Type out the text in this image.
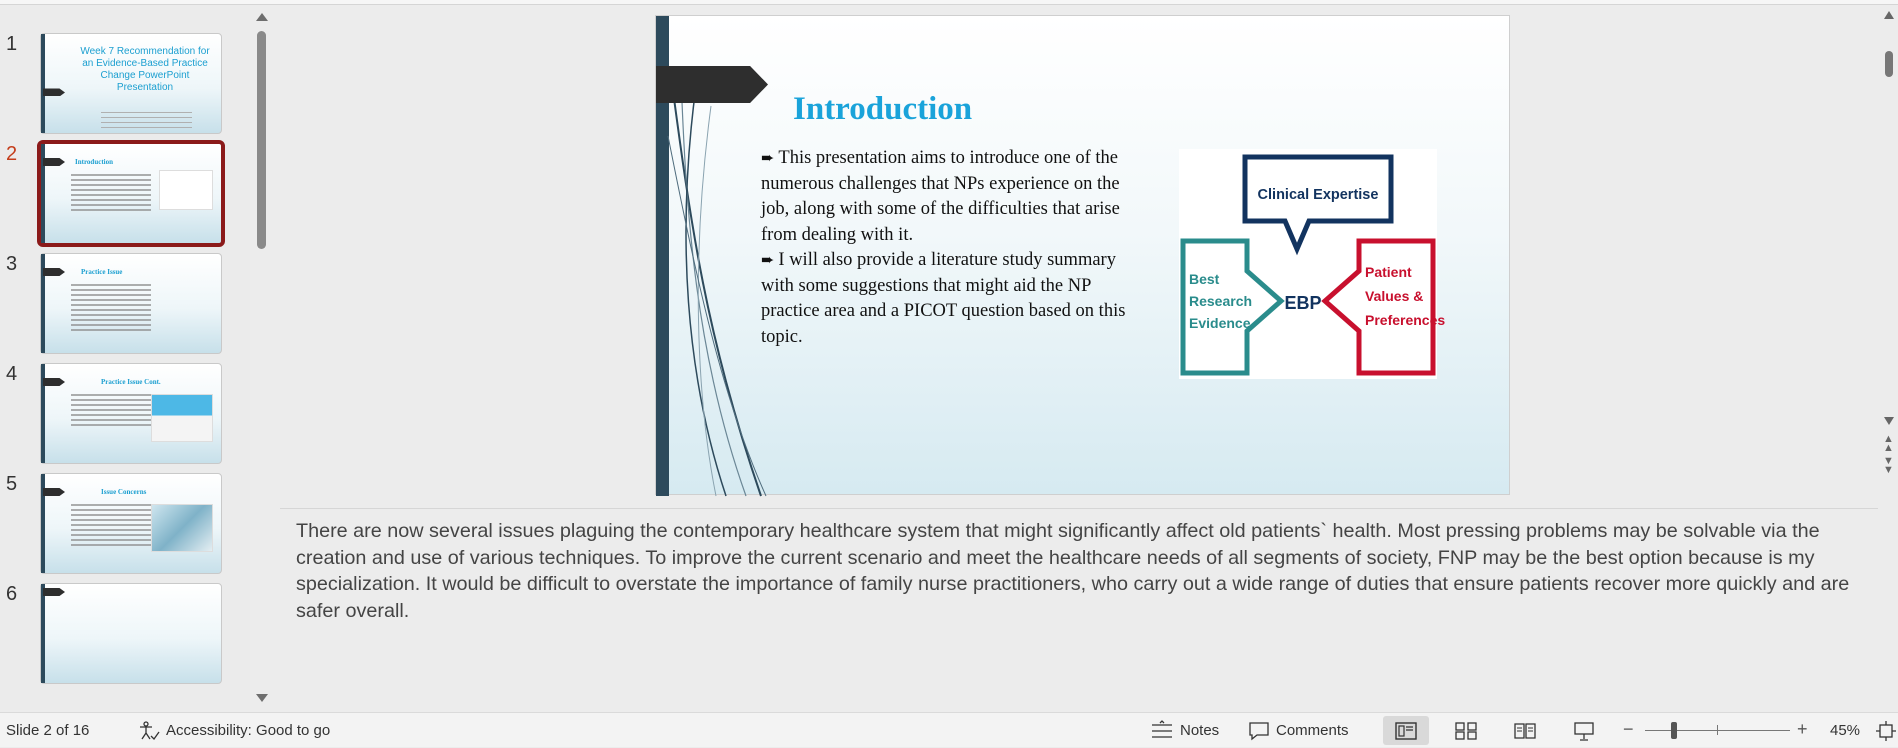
1	Week 7 Recommendation for an Evidence-Based Practice Change PowerPoint Presentation
2	Introduction
3	Practice Issue
4	Practice Issue Cont.
5	Issue Concerns
6
Introduction

➨ This presentation aims to introduce one of the numerous challenges that NPs experience on the job, along with some of the difficulties that arise from dealing with it.

➨ I will also provide a literature study summary with some suggestions that might aid the NP practice area and a PICOT question based on this topic.

Clinical Expertise
Best
Research
Evidence
Patient
Values &
Preferences
EBP
▲
▲
▼
▼
There are now several issues plaguing the contemporary healthcare system that might significantly affect old patients` health. Most pressing problems may be solvable via the creation and use of various techniques. To improve the current scenario and meet the healthcare needs of all segments of society, FNP may be the best option because is my specialization. It would be difficult to overstate the importance of family nurse practitioners, who carry out a wide range of duties that ensure patients recover more quickly and are safer overall.
Slide 2 of 16	Accessibility: Good to go	Notes	Comments	−	+ 45%
